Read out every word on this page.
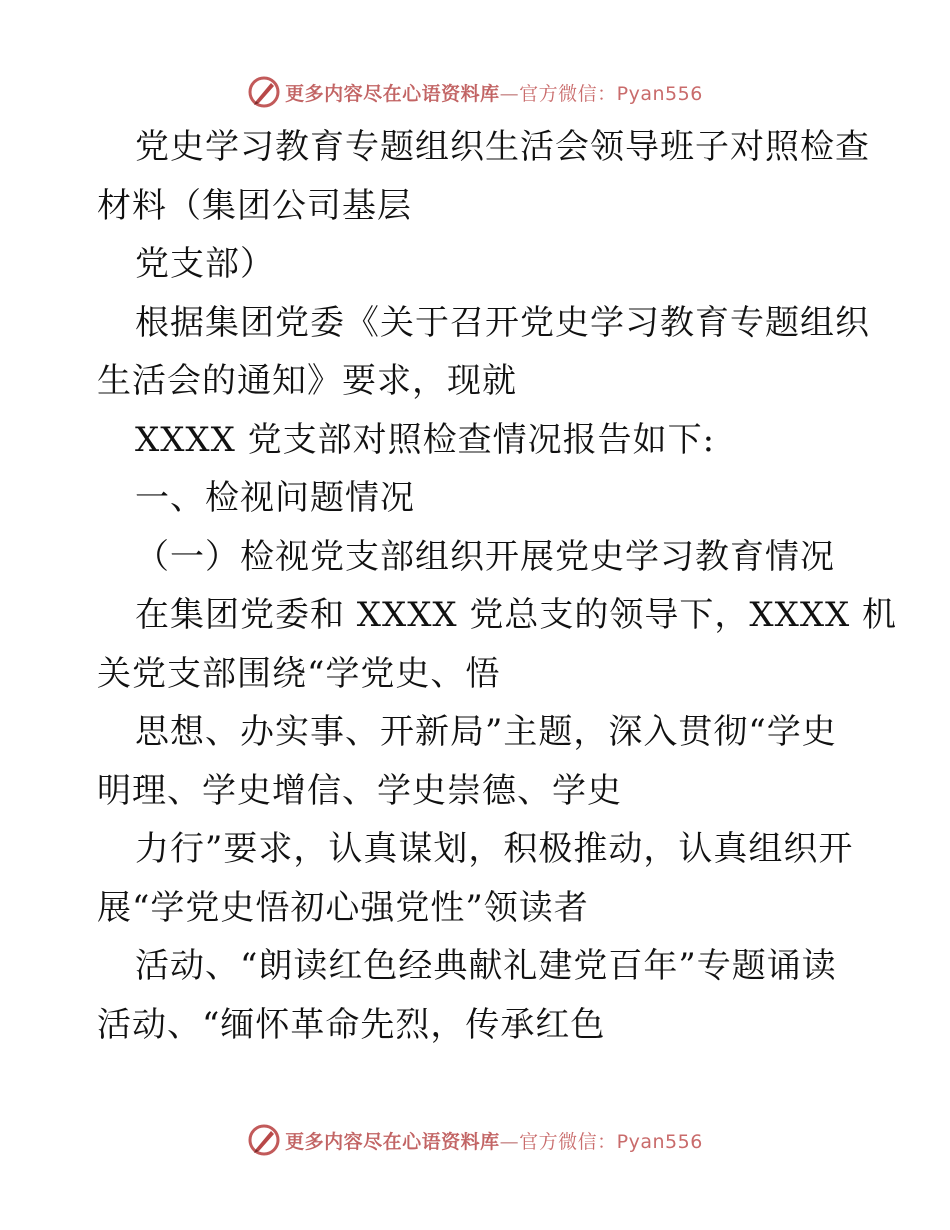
更多内容尽在心语资料库—官方微信：Pyan556
党史学习教育专题组织生活会领导班子对照检查
材料（集团公司基层
党支部）
根据集团党委《关于召开党史学习教育专题组织
生活会的通知》要求，现就
XXXX 党支部对照检查情况报告如下:
一、检视问题情况
（一）检视党支部组织开展党史学习教育情况
在集团党委和 XXXX 党总支的领导下，XXXX 机
关党支部围绕“学党史、悟
思想、办实事、开新局”主题，深入贯彻“学史
明理、学史增信、学史崇德、学史
力行”要求，认真谋划，积极推动，认真组织开
展“学党史悟初心强党性”领读者
活动、“朗读红色经典献礼建党百年”专题诵读
活动、“缅怀革命先烈，传承红色
更多内容尽在心语资料库—官方微信：Pyan556
